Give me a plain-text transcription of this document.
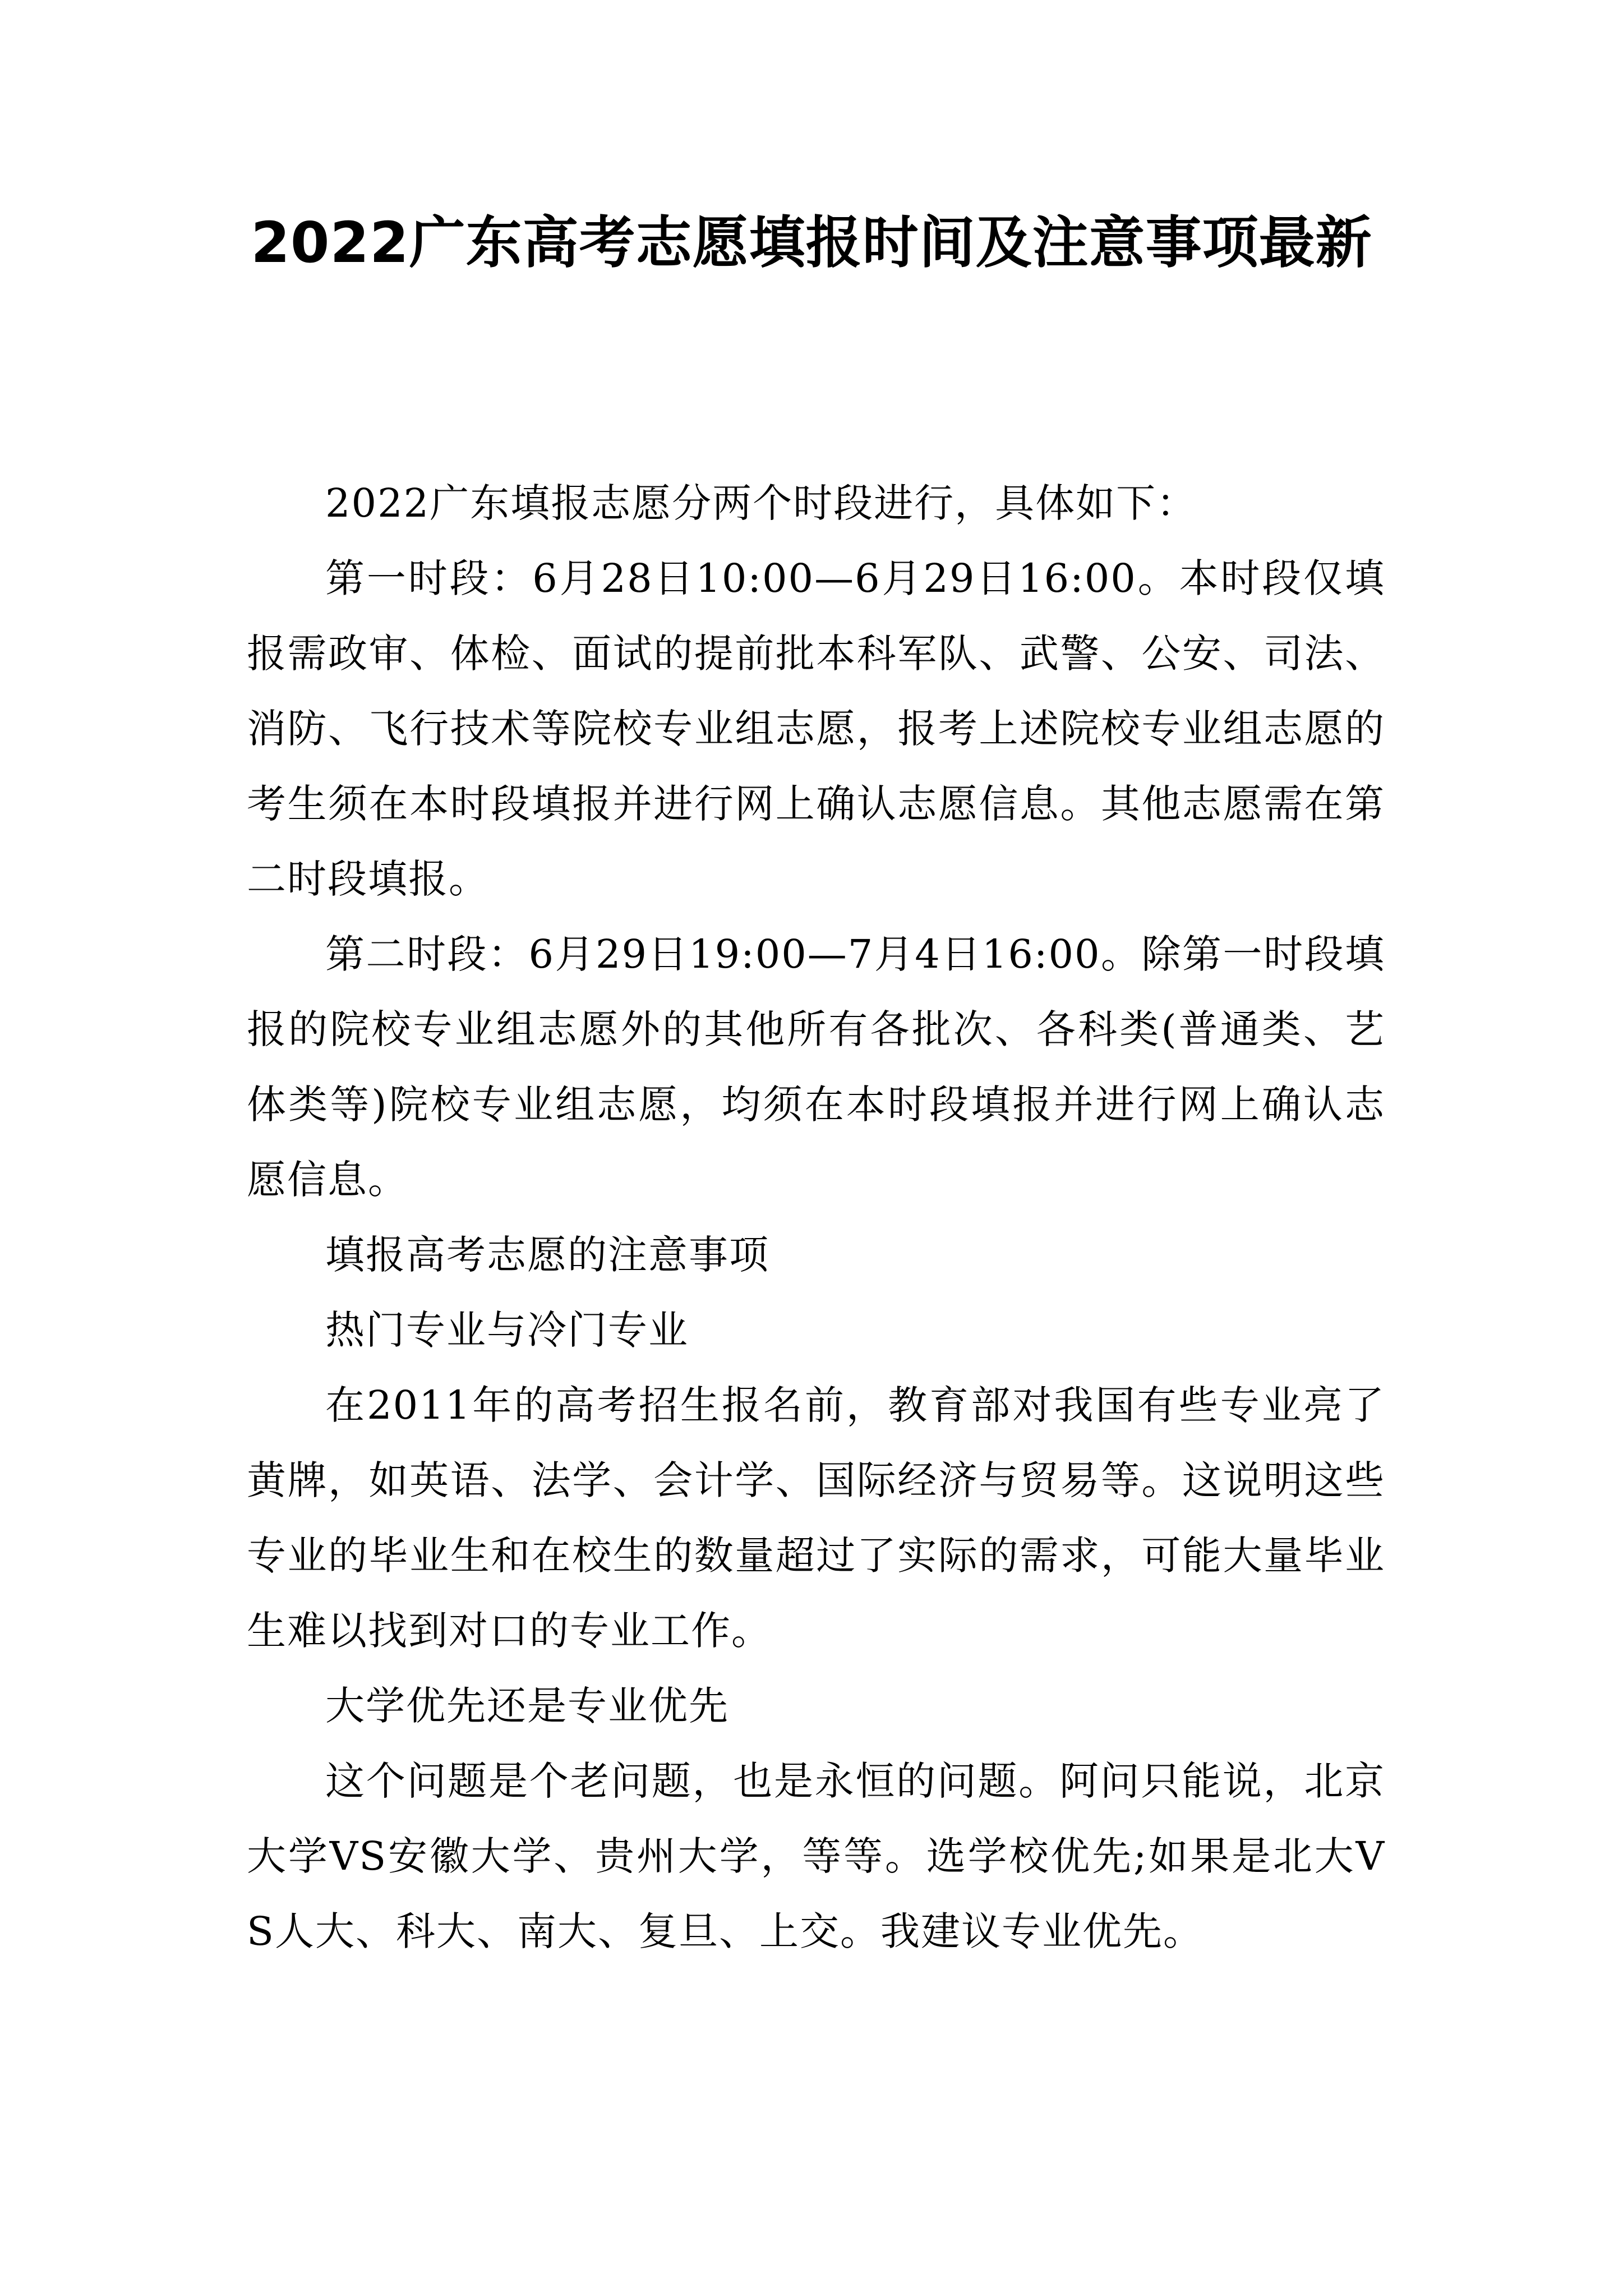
2022广东高考志愿填报时间及注意事项最新

2022广东填报志愿分两个时段进行，具体如下：

第一时段：6月28日10:00—6月29日16:00。本时段仅填报需政审、体检、面试的提前批本科军队、武警、公安、司法、消防、飞行技术等院校专业组志愿，报考上述院校专业组志愿的考生须在本时段填报并进行网上确认志愿信息。其他志愿需在第二时段填报。

第二时段：6月29日19:00—7月4日16:00。除第一时段填报的院校专业组志愿外的其他所有各批次、各科类(普通类、艺体类等)院校专业组志愿，均须在本时段填报并进行网上确认志愿信息。

填报高考志愿的注意事项

热门专业与冷门专业

在2011年的高考招生报名前，教育部对我国有些专业亮了黄牌，如英语、法学、会计学、国际经济与贸易等。这说明这些专业的毕业生和在校生的数量超过了实际的需求，可能大量毕业生难以找到对口的专业工作。

大学优先还是专业优先

这个问题是个老问题，也是永恒的问题。阿问只能说，北京大学VS安徽大学、贵州大学，等等。选学校优先;如果是北大VS人大、科大、南大、复旦、上交。我建议专业优先。
